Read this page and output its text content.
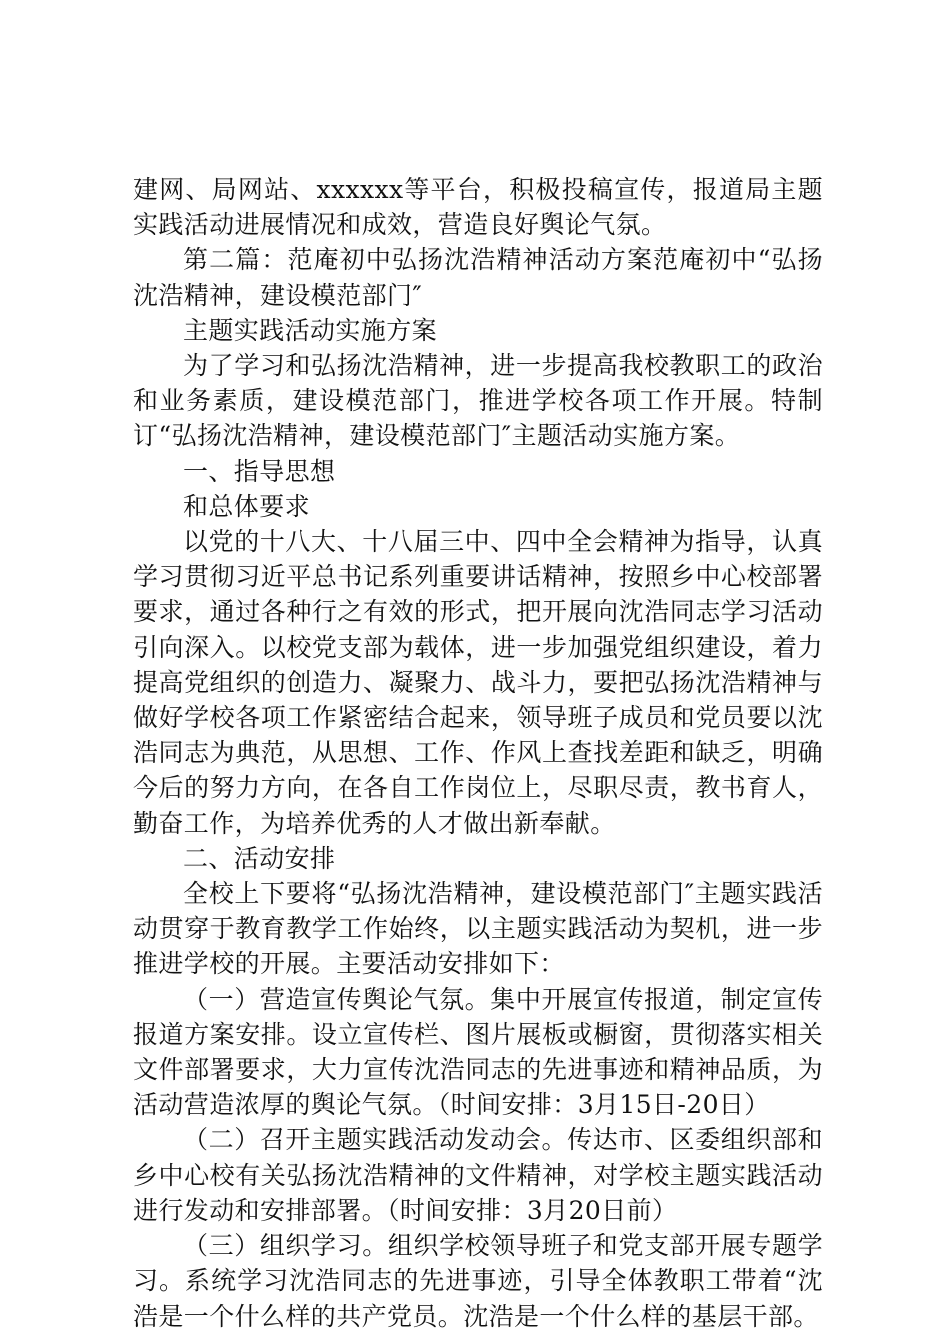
建网、局网站、xxxxxx等平台，积极投稿宣传，报道局主题实践活动进展情况和成效，营造良好舆论气氛。

第二篇：范庵初中弘扬沈浩精神活动方案范庵初中“弘扬沈浩精神，建设模范部门″

主题实践活动实施方案

为了学习和弘扬沈浩精神，进一步提高我校教职工的政治和业务素质，建设模范部门，推进学校各项工作开展。特制订“弘扬沈浩精神，建设模范部门″主题活动实施方案。

一、指导思想

和总体要求

以党的十八大、十八届三中、四中全会精神为指导，认真学习贯彻习近平总书记系列重要讲话精神，按照乡中心校部署要求，通过各种行之有效的形式，把开展向沈浩同志学习活动引向深入。以校党支部为载体，进一步加强党组织建设，着力提高党组织的创造力、凝聚力、战斗力，要把弘扬沈浩精神与做好学校各项工作紧密结合起来，领导班子成员和党员要以沈浩同志为典范，从思想、工作、作风上查找差距和缺乏，明确今后的努力方向，在各自工作岗位上，尽职尽责，教书育人，勤奋工作，为培养优秀的人才做出新奉献。

二、活动安排

全校上下要将“弘扬沈浩精神，建设模范部门″主题实践活动贯穿于教育教学工作始终，以主题实践活动为契机，进一步推进学校的开展。主要活动安排如下：

（一）营造宣传舆论气氛。集中开展宣传报道，制定宣传报道方案安排。设立宣传栏、图片展板或橱窗，贯彻落实相关文件部署要求，大力宣传沈浩同志的先进事迹和精神品质，为活动营造浓厚的舆论气氛。（时间安排：3月15日-20日）

（二）召开主题实践活动发动会。传达市、区委组织部和乡中心校有关弘扬沈浩精神的文件精神，对学校主题实践活动进行发动和安排部署。（时间安排：3月20日前）

（三）组织学习。组织学校领导班子和党支部开展专题学习。系统学习沈浩同志的先进事迹，引导全体教职工带着“沈浩是一个什么样的共产党员。沈浩是一个什么样的基层干部。
